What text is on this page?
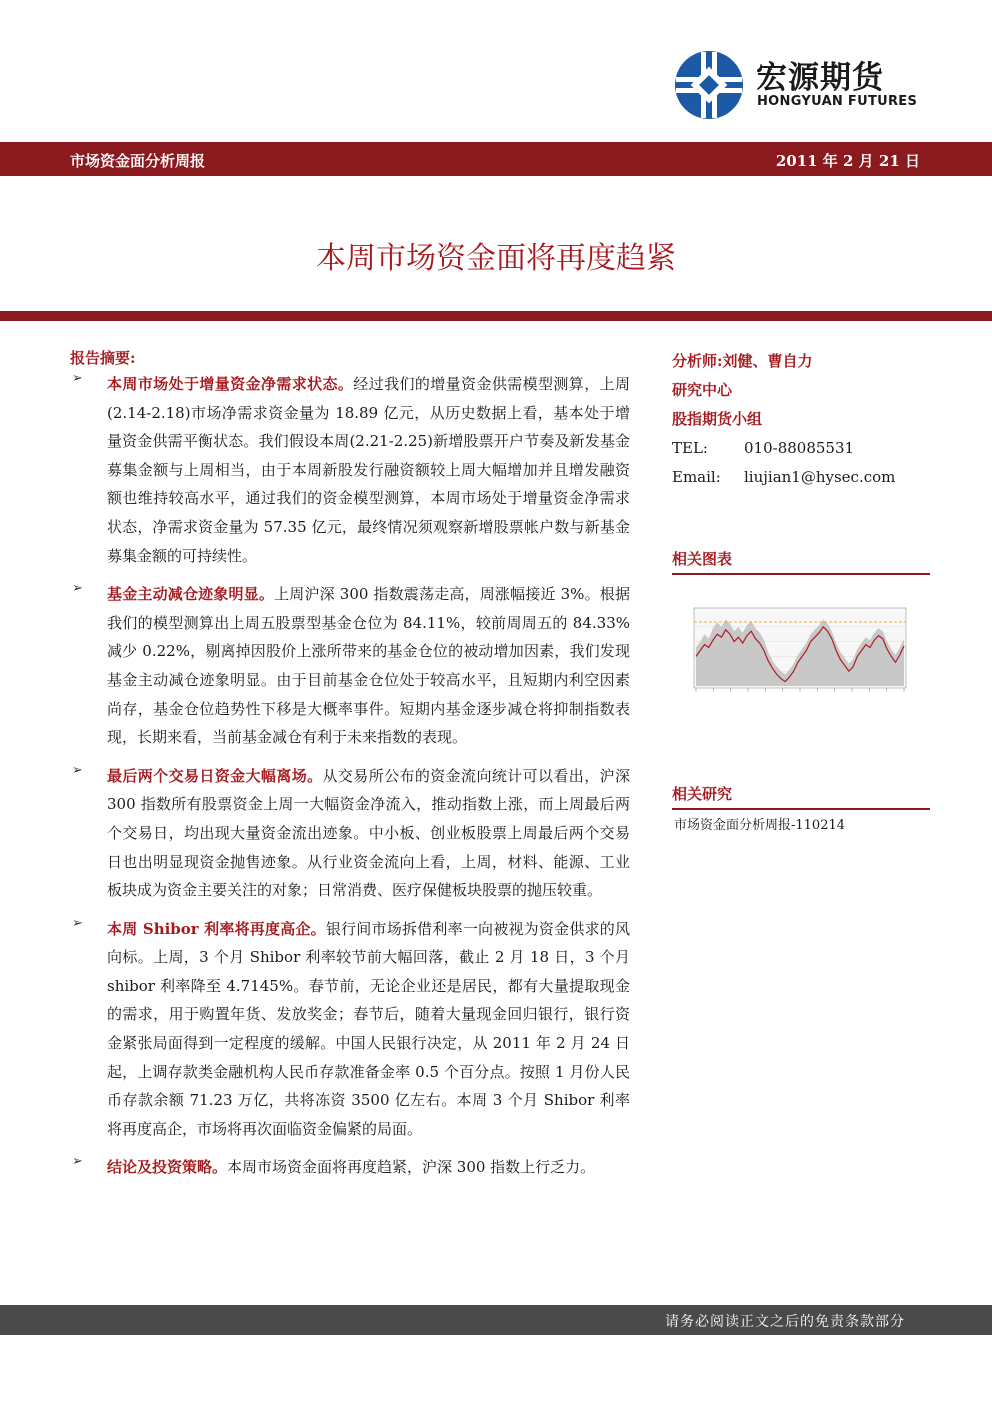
宏源期货
HONGYUAN FUTURES
市场资金面分析周报	2011 年 2 月 21 日
本周市场资金面将再度趋紧
报告摘要:
➢ 本周市场处于增量资金净需求状态。经过我们的增量资金供需模型测算，上周(2.14-2.18)市场净需求资金量为 18.89 亿元，从历史数据上看，基本处于增量资金供需平衡状态。我们假设本周(2.21-2.25)新增股票开户节奏及新发基金募集金额与上周相当，由于本周新股发行融资额较上周大幅增加并且增发融资额也维持较高水平，通过我们的资金模型测算，本周市场处于增量资金净需求状态，净需求资金量为 57.35 亿元，最终情况须观察新增股票帐户数与新基金募集金额的可持续性。

➢ 基金主动减仓迹象明显。上周沪深 300 指数震荡走高，周涨幅接近 3%。根据我们的模型测算出上周五股票型基金仓位为 84.11%，较前周周五的 84.33%减少 0.22%，剔离掉因股价上涨所带来的基金仓位的被动增加因素，我们发现基金主动减仓迹象明显。由于目前基金仓位处于较高水平，且短期内利空因素尚存，基金仓位趋势性下移是大概率事件。短期内基金逐步减仓将抑制指数表现，长期来看，当前基金减仓有利于未来指数的表现。

➢ 最后两个交易日资金大幅离场。从交易所公布的资金流向统计可以看出，沪深 300 指数所有股票资金上周一大幅资金净流入，推动指数上涨，而上周最后两个交易日，均出现大量资金流出迹象。中小板、创业板股票上周最后两个交易日也出明显现资金抛售迹象。从行业资金流向上看，上周，材料、能源、工业板块成为资金主要关注的对象；日常消费、医疗保健板块股票的抛压较重。

➢ 本周 Shibor 利率将再度高企。银行间市场拆借利率一向被视为资金供求的风向标。上周，3 个月 Shibor 利率较节前大幅回落，截止 2 月 18 日，3 个月 shibor 利率降至 4.7145%。春节前，无论企业还是居民，都有大量提取现金的需求，用于购置年货、发放奖金；春节后，随着大量现金回归银行，银行资金紧张局面得到一定程度的缓解。中国人民银行决定，从 2011 年 2 月 24 日起，上调存款类金融机构人民币存款准备金率 0.5 个百分点。按照 1 月份人民币存款余额 71.23 万亿，共将冻资 3500 亿左右。本周 3 个月 Shibor 利率将再度高企，市场将再次面临资金偏紧的局面。

➢ 结论及投资策略。本周市场资金面将再度趋紧，沪深 300 指数上行乏力。

分析师:刘健、曹自力
研究中心
股指期货小组
TEL: 010-88085531
Email: liujian1@hysec.com
相关图表
相关研究
市场资金面分析周报-110214
请务必阅读正文之后的免责条款部分
